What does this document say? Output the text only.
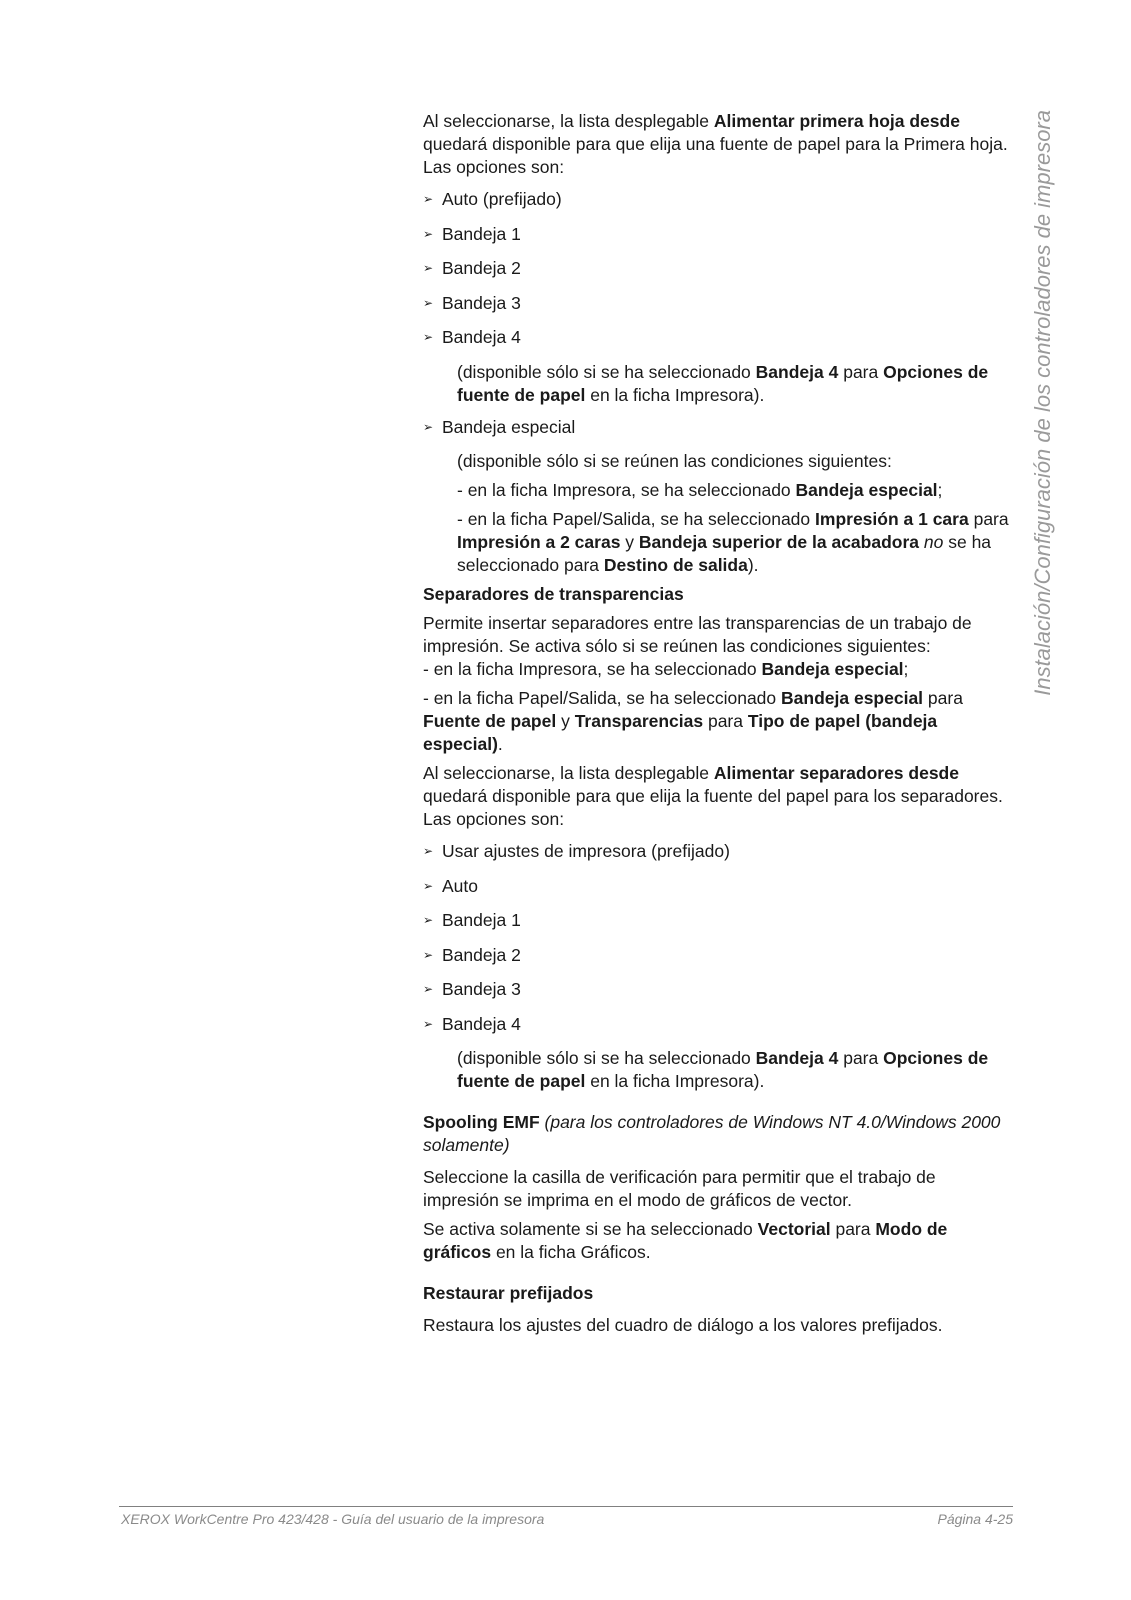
Instalación/Configuración de los controladores de impresora

Al seleccionarse, la lista desplegable Alimentar primera hoja desde quedará disponible para que elija una fuente de papel para la Primera hoja. Las opciones son:

➢ Auto (prefijado)
➢ Bandeja 1
➢ Bandeja 2
➢ Bandeja 3
➢ Bandeja 4

(disponible sólo si se ha seleccionado Bandeja 4 para Opciones de fuente de papel en la ficha Impresora).

➢ Bandeja especial

(disponible sólo si se reúnen las condiciones siguientes:

- en la ficha Impresora, se ha seleccionado Bandeja especial;

- en la ficha Papel/Salida, se ha seleccionado Impresión a 1 cara para Impresión a 2 caras y Bandeja superior de la acabadora no se ha seleccionado para Destino de salida).

Separadores de transparencias

Permite insertar separadores entre las transparencias de un trabajo de impresión. Se activa sólo si se reúnen las condiciones siguientes:

- en la ficha Impresora, se ha seleccionado Bandeja especial;

- en la ficha Papel/Salida, se ha seleccionado Bandeja especial para Fuente de papel y Transparencias para Tipo de papel (bandeja especial).

Al seleccionarse, la lista desplegable Alimentar separadores desde quedará disponible para que elija la fuente del papel para los separadores. Las opciones son:

➢ Usar ajustes de impresora (prefijado)
➢ Auto
➢ Bandeja 1
➢ Bandeja 2
➢ Bandeja 3
➢ Bandeja 4

(disponible sólo si se ha seleccionado Bandeja 4 para Opciones de fuente de papel en la ficha Impresora).

Spooling EMF (para los controladores de Windows NT 4.0/Windows 2000 solamente)

Seleccione la casilla de verificación para permitir que el trabajo de impresión se imprima en el modo de gráficos de vector.

Se activa solamente si se ha seleccionado Vectorial para Modo de gráficos en la ficha Gráficos.

Restaurar prefijados

Restaura los ajustes del cuadro de diálogo a los valores prefijados.

XEROX WorkCentre Pro 423/428 - Guía del usuario de la impresora	Página 4-25
